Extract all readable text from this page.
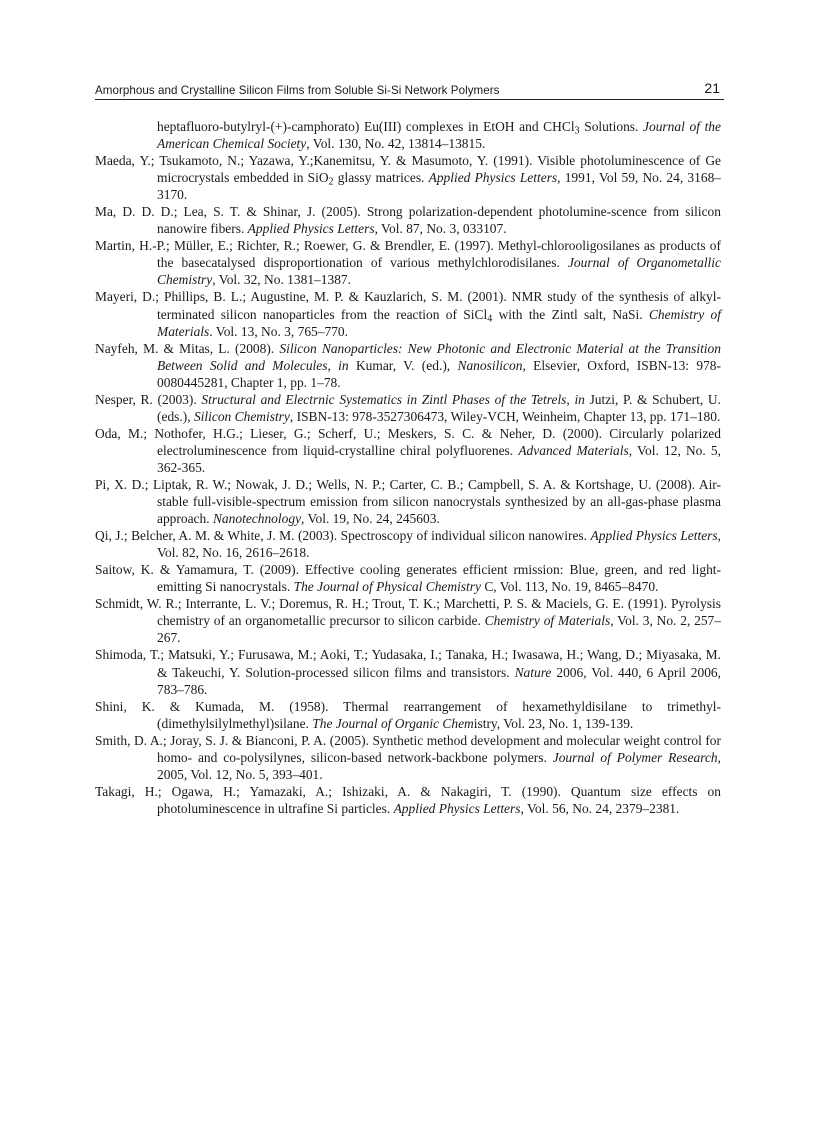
Amorphous and Crystalline Silicon Films from Soluble Si-Si Network Polymers	21

heptafluoro-butylryl-(+)-camphorato) Eu(III) complexes in EtOH and CHCl$_3$ Solutions. Journal of the American Chemical Society, Vol. 130, No. 42, 13814–13815.

Maeda, Y.; Tsukamoto, N.; Yazawa, Y.;Kanemitsu, Y. & Masumoto, Y. (1991). Visible photoluminescence of Ge microcrystals embedded in SiO$_2$ glassy matrices. Applied Physics Letters, 1991, Vol 59, No. 24, 3168–3170.

Ma, D. D. D.; Lea, S. T. & Shinar, J. (2005). Strong polarization-dependent photolumine-scence from silicon nanowire fibers. Applied Physics Letters, Vol. 87, No. 3, 033107.

Martin, H.-P.; Müller, E.; Richter, R.; Roewer, G. & Brendler, E. (1997). Methyl-chlorooligosilanes as products of the basecatalysed disproportionation of various methylchlorodisilanes. Journal of Organometallic Chemistry, Vol. 32, No. 1381–1387.

Mayeri, D.; Phillips, B. L.; Augustine, M. P. & Kauzlarich, S. M. (2001). NMR study of the synthesis of alkyl-terminated silicon nanoparticles from the reaction of SiCl$_4$ with the Zintl salt, NaSi. Chemistry of Materials. Vol. 13, No. 3, 765–770.

Nayfeh, M. & Mitas, L. (2008). Silicon Nanoparticles: New Photonic and Electronic Material at the Transition Between Solid and Molecules, in Kumar, V. (ed.), Nanosilicon, Elsevier, Oxford, ISBN-13: 978-0080445281, Chapter 1, pp. 1–78.

Nesper, R. (2003). Structural and Electrnic Systematics in Zintl Phases of the Tetrels, in Jutzi, P. & Schubert, U. (eds.), Silicon Chemistry, ISBN-13: 978-3527306473, Wiley-VCH, Weinheim, Chapter 13, pp. 171–180.

Oda, M.; Nothofer, H.G.; Lieser, G.; Scherf, U.; Meskers, S. C. & Neher, D. (2000). Circularly polarized electroluminescence from liquid-crystalline chiral polyfluorenes. Advanced Materials, Vol. 12, No. 5, 362-365.

Pi, X. D.; Liptak, R. W.; Nowak, J. D.; Wells, N. P.; Carter, C. B.; Campbell, S. A. & Kortshage, U. (2008). Air-stable full-visible-spectrum emission from silicon nanocrystals synthesized by an all-gas-phase plasma approach. Nanotechnology, Vol. 19, No. 24, 245603.

Qi, J.; Belcher, A. M. & White, J. M. (2003). Spectroscopy of individual silicon nanowires. Applied Physics Letters, Vol. 82, No. 16, 2616–2618.

Saitow, K. & Yamamura, T. (2009). Effective cooling generates efficient rmission: Blue, green, and red light-emitting Si nanocrystals. The Journal of Physical Chemistry C, Vol. 113, No. 19, 8465–8470.

Schmidt, W. R.; Interrante, L. V.; Doremus, R. H.; Trout, T. K.; Marchetti, P. S. & Maciels, G. E. (1991). Pyrolysis chemistry of an organometallic precursor to silicon carbide. Chemistry of Materials, Vol. 3, No. 2, 257–267.

Shimoda, T.; Matsuki, Y.; Furusawa, M.; Aoki, T.; Yudasaka, I.; Tanaka, H.; Iwasawa, H.; Wang, D.; Miyasaka, M. & Takeuchi, Y. Solution-processed silicon films and transistors. Nature 2006, Vol. 440, 6 April 2006, 783–786.

Shini, K. & Kumada, M. (1958). Thermal rearrangement of hexamethyldisilane to trimethyl-(dimethylsilylmethyl)silane. The Journal of Organic Chemistry, Vol. 23, No. 1, 139-139.

Smith, D. A.; Joray, S. J. & Bianconi, P. A. (2005). Synthetic method development and molecular weight control for homo- and co-polysilynes, silicon-based network-backbone polymers. Journal of Polymer Research, 2005, Vol. 12, No. 5, 393–401.

Takagi, H.; Ogawa, H.; Yamazaki, A.; Ishizaki, A. & Nakagiri, T. (1990). Quantum size effects on photoluminescence in ultrafine Si particles. Applied Physics Letters, Vol. 56, No. 24, 2379–2381.
